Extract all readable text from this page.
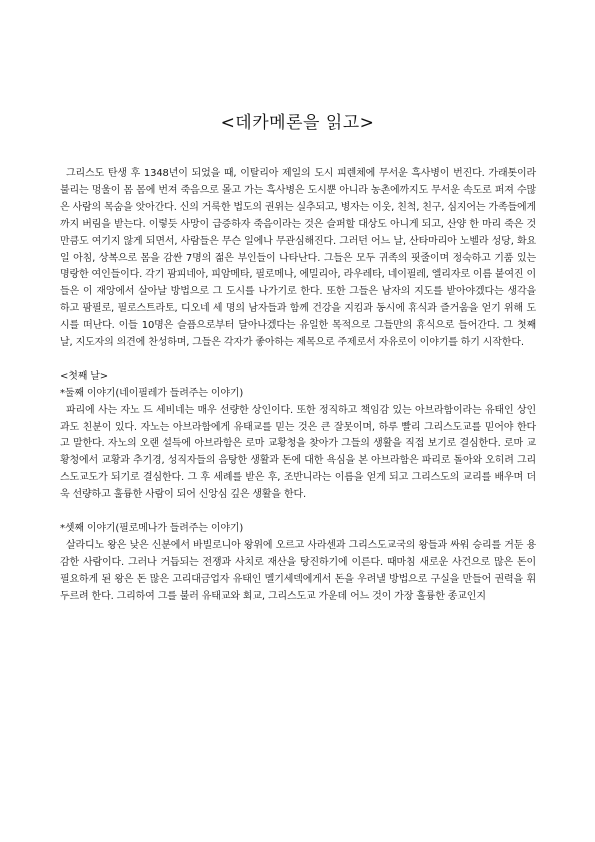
<데카메론을 읽고>

그리스도 탄생 후 1348년이 되었을 때, 이탈리아 제일의 도시 피렌체에 무서운 흑사병이 번진다. 가래톳이라 불리는 멍울이 몸 몸에 번져 죽음으로 몰고 가는 흑사병은 도시뿐 아니라 농촌에까지도 무서운 속도로 퍼져 수많은 사람의 목숨을 앗아간다. 신의 거룩한 법도의 권위는 실추되고, 병자는 이웃, 친척, 친구, 심지어는 가족들에게까지 버림을 받는다. 이렇듯 사망이 급증하자 죽음이라는 것은 슬퍼할 대상도 아니게 되고, 산양 한 마리 죽은 것만큼도 여기지 않게 되면서, 사람들은 무슨 일에나 무관심해진다. 그러던 어느 날, 산타마리아 노벨라 성당, 화요일 아침, 상복으로 몸을 감싼 7명의 젊은 부인들이 나타난다. 그들은 모두 귀족의 핏줄이며 정숙하고 기품 있는 명랑한 여인들이다. 각기 팜피네아, 피암메타, 필로메나, 에밀리아, 라우레타, 네이필레, 엘리자로 이름 붙여진 이들은 이 재앙에서 살아날 방법으로 그 도시를 나가기로 한다. 또한 그들은 남자의 지도를 받아야겠다는 생각을 하고 팜필로, 필로스트라토, 디오네 세 명의 남자들과 함께 건강을 지킴과 동시에 휴식과 즐거움을 얻기 위해 도시를 떠난다. 이들 10명은 슬픔으로부터 달아나겠다는 유일한 목적으로 그들만의 휴식으로 들어간다. 그 첫째 날, 지도자의 의견에 찬성하며, 그들은 각자가 좋아하는 제목으로 주제로서 자유로이 이야기를 하기 시작한다.

<첫째 날>

*둘째 이야기(네이필레가 들려주는 이야기)

파리에 사는 자노 드 세비네는 매우 선량한 상인이다. 또한 정직하고 책임감 있는 아브라함이라는 유태인 상인과도 친분이 있다. 자노는 아브라함에게 유태교를 믿는 것은 큰 잘못이며, 하루 빨리 그리스도교를 믿어야 한다고 말한다. 자노의 오랜 설득에 아브라함은 로마 교황청을 찾아가 그들의 생활을 직접 보기로 결심한다. 로마 교황청에서 교황과 추기경, 성직자들의 음탕한 생활과 돈에 대한 욕심을 본 아브라함은 파리로 돌아와 오히려 그리스도교도가 되기로 결심한다. 그 후 세례를 받은 후, 조반니라는 이름을 얻게 되고 그리스도의 교리를 배우며 더욱 선량하고 훌륭한 사람이 되어 신앙심 깊은 생활을 한다.

*셋째 이야기(필로메나가 들려주는 이야기)

살라디노 왕은 낮은 신분에서 바빌로니아 왕위에 오르고 사라센과 그리스도교국의 왕들과 싸워 승리를 거둔 용감한 사람이다. 그러나 거듭되는 전쟁과 사치로 재산을 탕진하기에 이른다. 때마침 새로운 사건으로 많은 돈이 필요하게 된 왕은 돈 많은 고리대금업자 유태인 멜기세덱에게서 돈을 우려낼 방법으로 구실을 만들어 권력을 휘두르려 한다. 그리하여 그를 불러 유태교와 회교, 그리스도교 가운데 어느 것이 가장 훌륭한 종교인지
